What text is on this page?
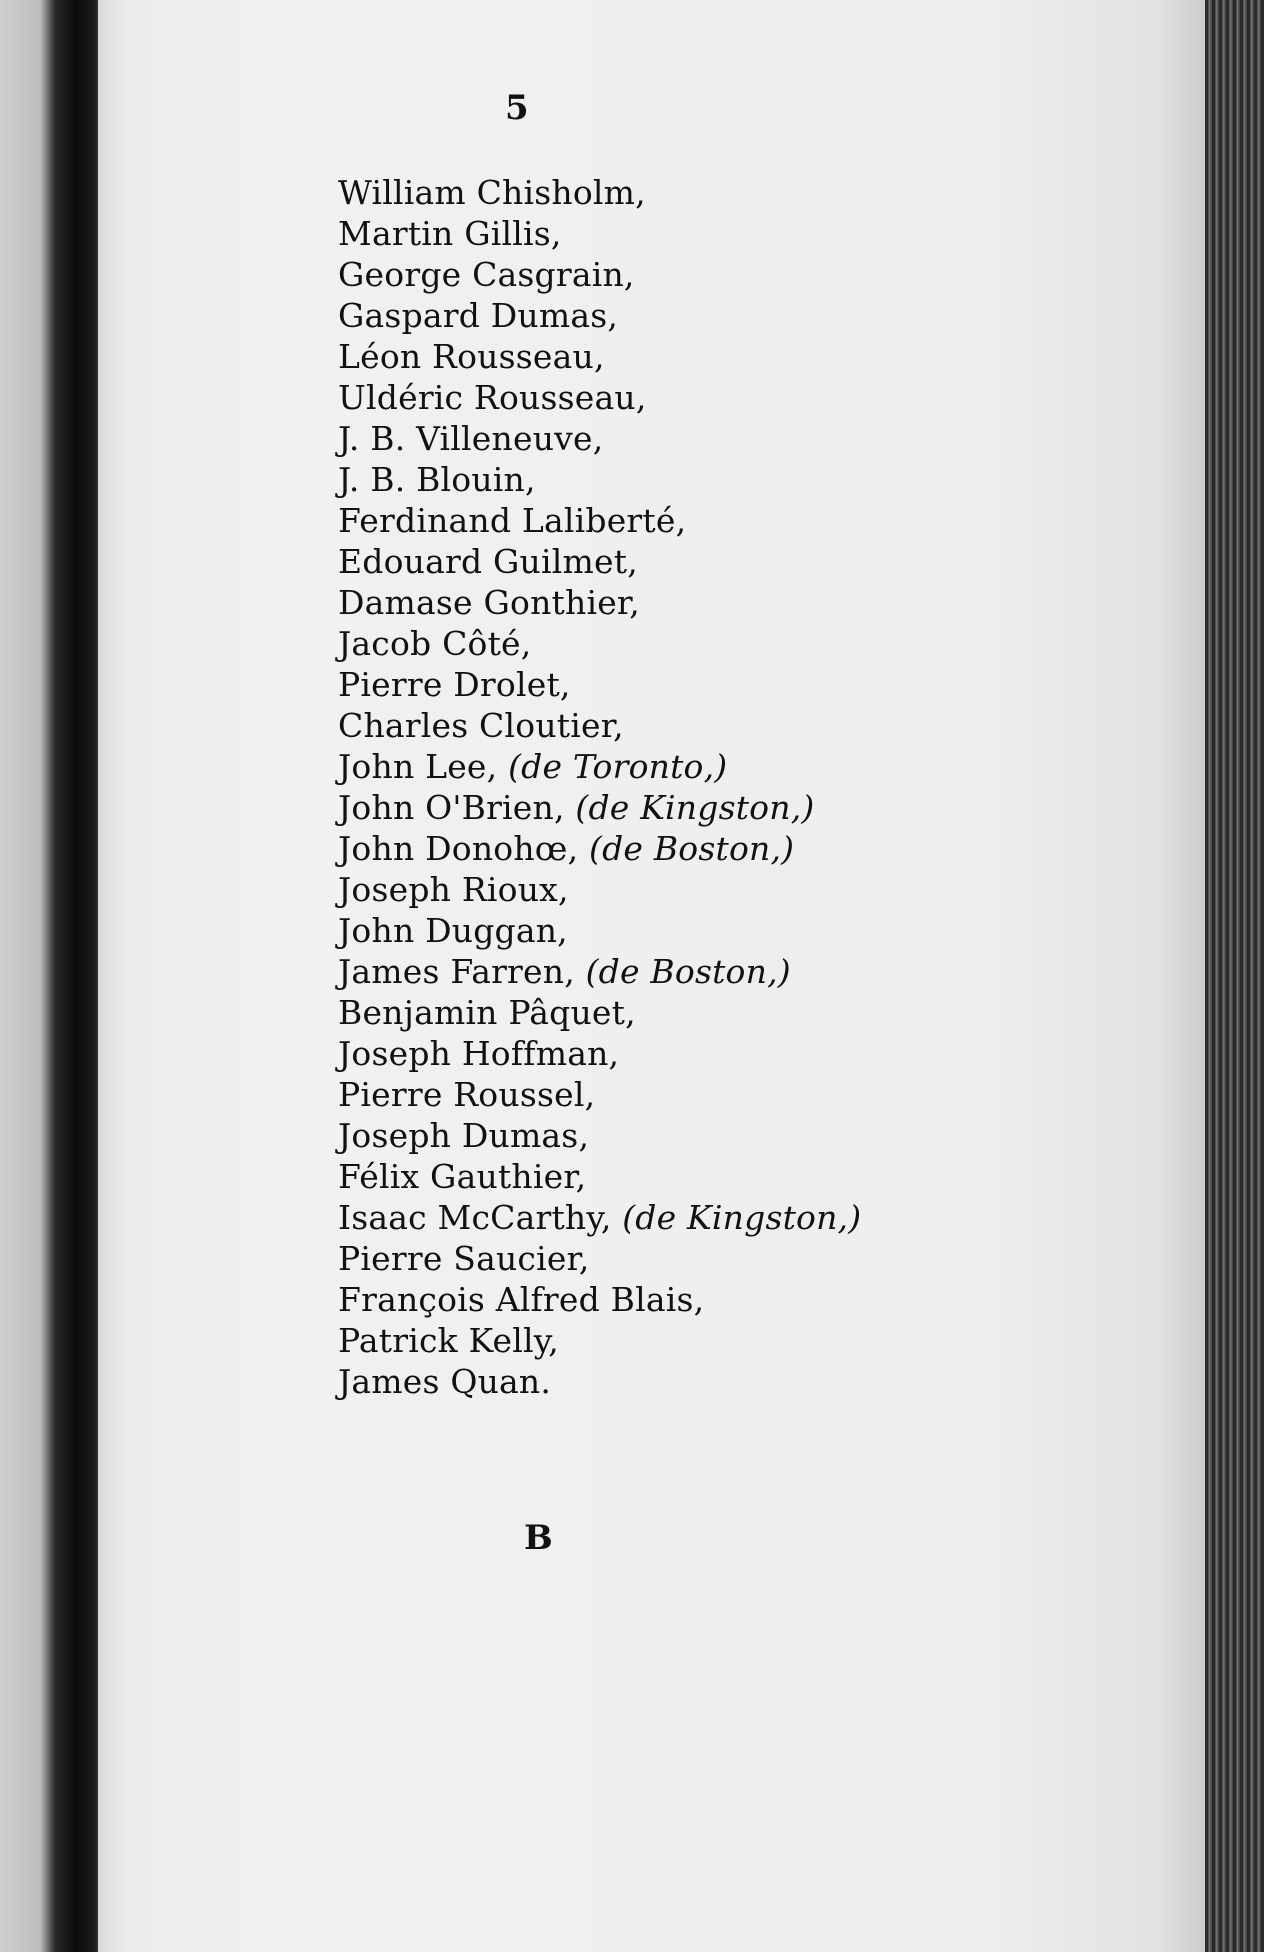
5
William Chisholm,
Martin Gillis,
George Casgrain,
Gaspard Dumas,
Léon Rousseau,
Uldéric Rousseau,
J. B. Villeneuve,
J. B. Blouin,
Ferdinand Laliberté,
Edouard Guilmet,
Damase Gonthier,
Jacob Côté,
Pierre Drolet,
Charles Cloutier,
John Lee, (de Toronto,)
John O'Brien, (de Kingston,)
John Donohœ, (de Boston,)
Joseph Rioux,
John Duggan,
James Farren, (de Boston,)
Benjamin Pâquet,
Joseph Hoffman,
Pierre Roussel,
Joseph Dumas,
Félix Gauthier,
Isaac McCarthy, (de Kingston,)
Pierre Saucier,
François Alfred Blais,
Patrick Kelly,
James Quan.
B
